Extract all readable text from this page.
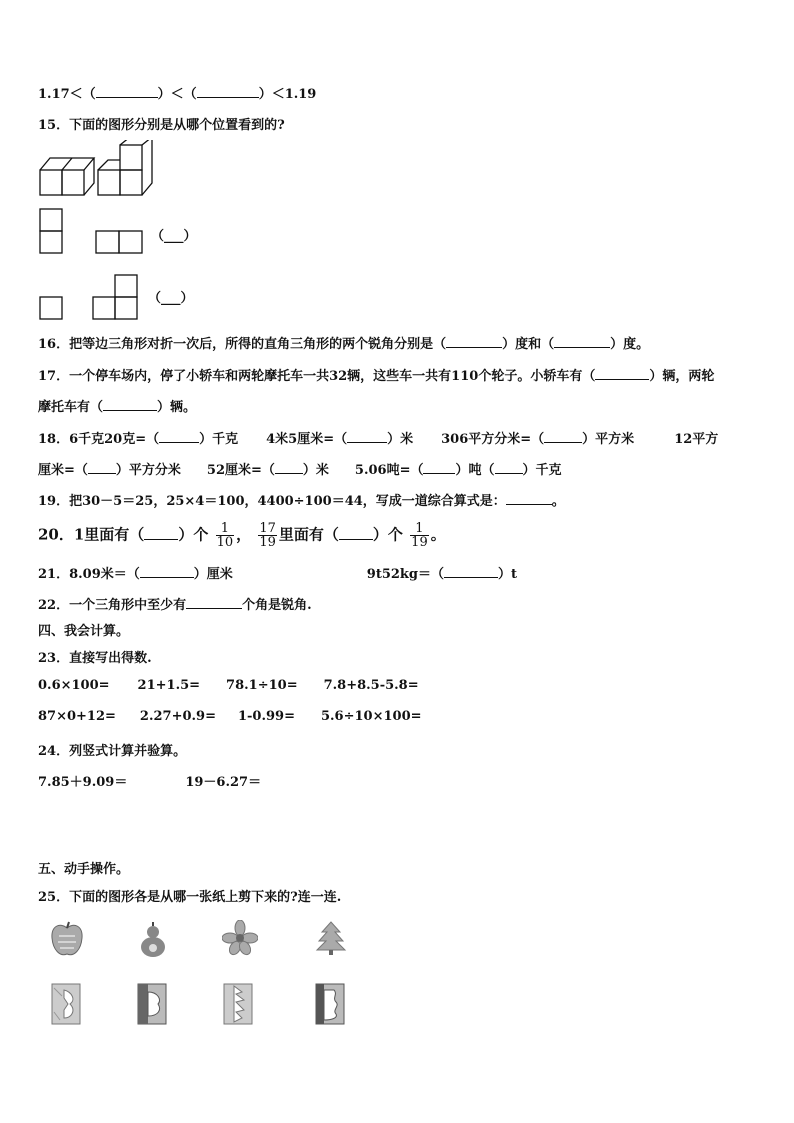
1.17＜（	）＜（	）＜1.19
15．下面的图形分别是从哪个位置看到的?
（___）
（___）
16．把等边三角形对折一次后，所得的直角三角形的两个锐角分别是（	）度和（	）度。
17．一个停车场内，停了小轿车和两轮摩托车一共32辆，这些车一共有110个轮子。小轿车有（	）辆，两轮
摩托车有（	）辆。
18．6千克20克=（	）千克 4米5厘米=（	）米 306平方分米=（	）平方米	12平方
厘米=（ ）平方分米 52厘米=（ ）米 5.06吨=（ ）吨（ ）千克
19．把30－5＝25，25×4＝100，4400÷100＝44，写成一道综合算式是：	。
20．1里面有（ ）个 $\frac{1}{10}$ ， $\frac{17}{19}$ 里面有（ ）个 $\frac{1}{19}$ 。
21．8.09米＝（	）厘米	9t52kg＝（	）t
22．一个三角形中至少有	个角是锐角.
四、我会计算。
23．直接写出得数.
0.6×100= 21+1.5= 78.1÷10= 7.8+8.5-5.8=
87×0+12= 2.27+0.9= 1-0.99= 5.6÷10×100=
24．列竖式计算并验算。
7.85＋9.09＝	19－6.27＝
五、动手操作。
25．下面的图形各是从哪一张纸上剪下来的?连一连.
